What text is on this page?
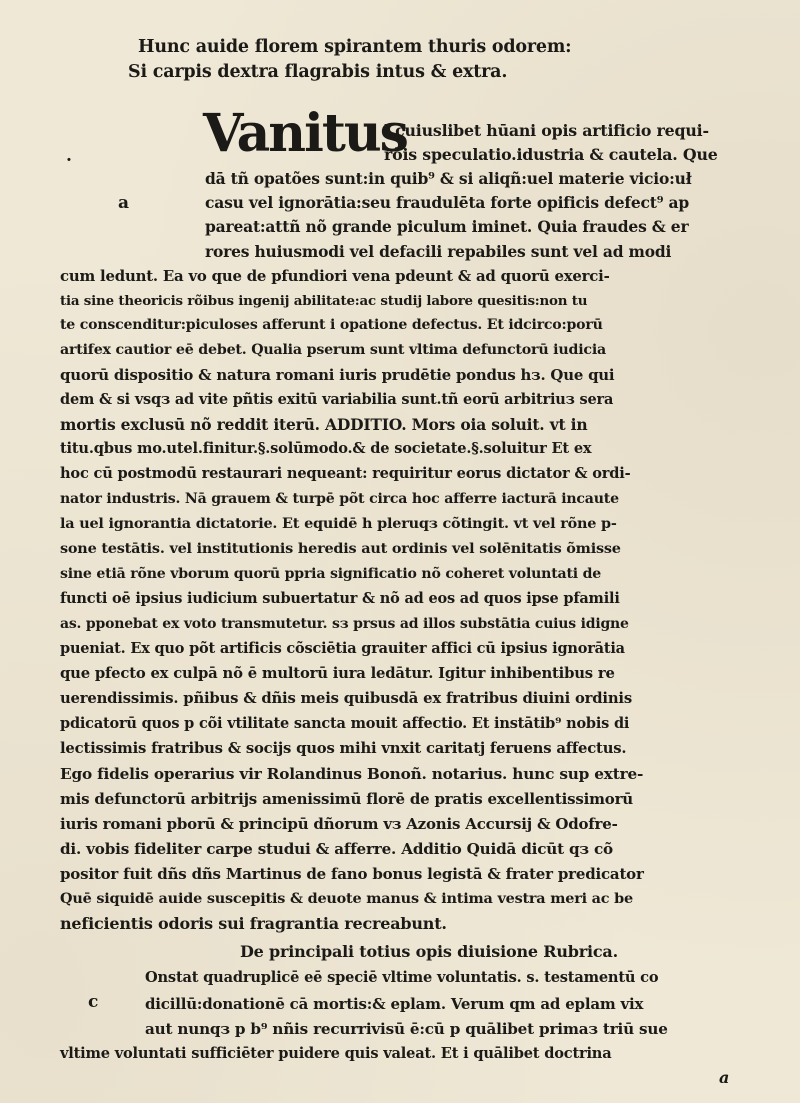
Hunc auide florem spirantem thuris odorem:
Si carpis dextra flagrabis intus & extra.
Vanitus
.
a
l cuiuslibet hūani opis artificio requi-
rõis speculatio.idustria & cautela. Que
dā tñ opatões sunt:in quib⁹ & si aliqñ:uel materie vicio:uł
casu vel ignorātia:seu fraudulēta forte opificis defect⁹ ap
pareat:attñ nõ grande piculum iminet. Quia fraudes & er
rores huiusmodi vel defacili repabiles sunt vel ad modi
cum ledunt. Ea vo que de pfundiori vena pdeunt & ad quorū exerci-
tia sine theoricis rõibus ingenij abilitate:ac studij labore quesitis:non tu
te conscenditur:piculoses afferunt i opatione defectus. Et idcirco:porū
artifex cautior eē debet. Qualia pserum sunt vltima defunctorū iudicia
quorū dispositio & natura romani iuris prudētie pondus hз. Que qui
dem & si vsqз ad vite pñtis exitū variabilia sunt.tñ eorū arbitriuз sera
mortis exclusū nõ reddit iterū. ADDITIO. Mors oia soluit. vt in
titu.qbus mo.utel.finitur.§.solūmodo.& de societate.§.soluitur Et ex
hoc cū postmodū restaurari nequeant: requiritur eorus dictator & ordi-
nator industris. Nā grauem & turpē põt circa hoc afferre iacturā incaute
la uel ignorantia dictatorie. Et equidē h pleruqз cõtingit. vt vel rõne p-
sone testātis. vel institutionis heredis aut ordinis vel solēnitatis õmisse
sine etiā rõne vborum quorū ppria significatio nõ coheret voluntati de
functi oē ipsius iudicium subuertatur & nõ ad eos ad quos ipse pfamili
as. pponebat ex voto transmutetur. sз prsus ad illos substātia cuius idigne
pueniat. Ex quo põt artificis cõsciētia grauiter affici cū ipsius ignorātia
que pfecto ex culpā nõ ē multorū iura ledātur. Igitur inhibentibus re
uerendissimis. pñibus & dñis meis quibusdā ex fratribus diuini ordinis
pdicatorū quos p cõi vtilitate sancta mouit affectio. Et instātib⁹ nobis di
lectissimis fratribus & socijs quos mihi vnxit caritatj feruens affectus.
Ego fidelis operarius vir Rolandinus Bonoñ. notarius. hunc sup extre-
mis defunctorū arbitrijs amenissimū florē de pratis excellentissimorū
iuris romani pborū & principū dñorum vз Azonis Accursij & Odofre-
di. vobis fideliter carpe studui & afferre. Additio Quidā dicūt qз cõ
positor fuit dñs dñs Martinus de fano bonus legistā & frater predicator
Quē siquidē auide suscepitis & deuote manus & intima vestra meri ac be
neficientis odoris sui fragrantia recreabunt.
De principali totius opis diuisione Rubrica.
Onstat quadruplicē eē speciē vltime voluntatis. s. testamentū co
c	dicillū:donationē cā mortis:& eplam. Verum qm ad eplam vix
aut nunqз p b⁹ nñis recurrivisū ē:cū p quālibet primaз triū sue
vltime voluntati sufficiēter puidere quis valeat. Et i quālibet doctrina
a
